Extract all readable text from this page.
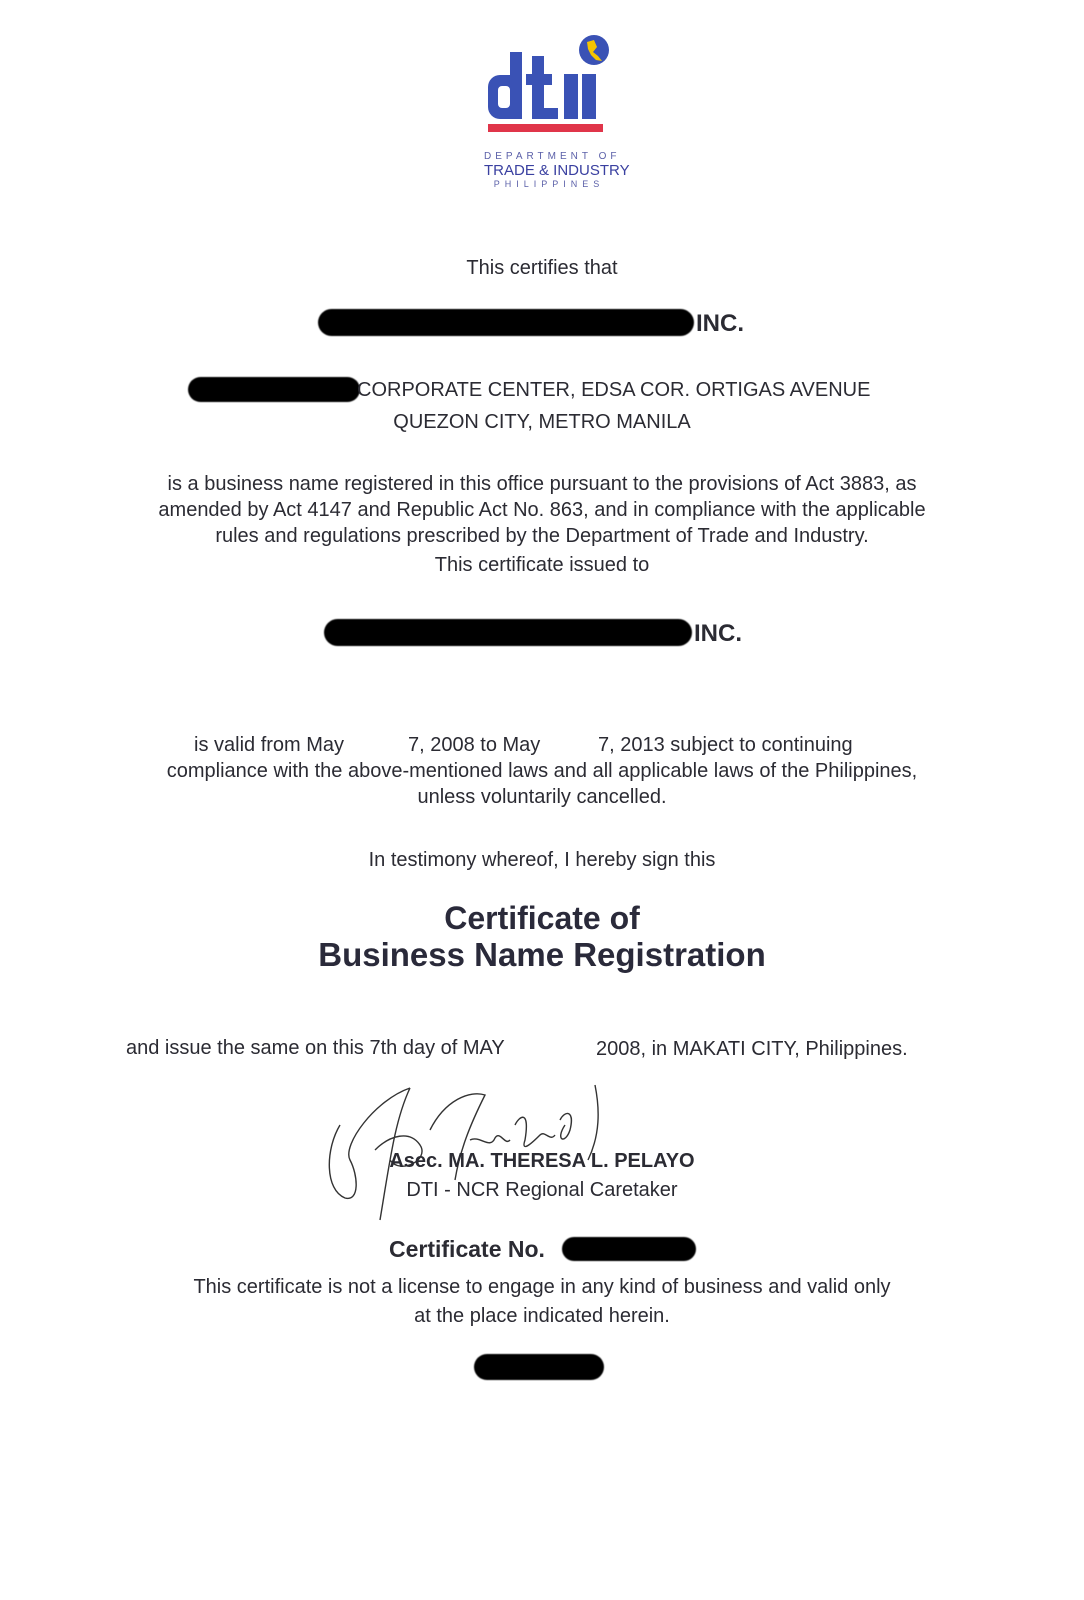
DEPARTMENT OF
TRADE & INDUSTRY
PHILIPPINES
This certifies that
INC.
CORPORATE CENTER, EDSA COR. ORTIGAS AVENUE
QUEZON CITY, METRO MANILA
is a business name registered in this office pursuant to the provisions of Act 3883, as
amended by Act 4147 and Republic Act No. 863, and in compliance with the applicable
rules and regulations prescribed by the Department of Trade and Industry.
This certificate issued to
INC.
is valid from May	7, 2008 to May	7, 2013 subject to continuing
compliance with the above-mentioned laws and all applicable laws of the Philippines,
unless voluntarily cancelled.
In testimony whereof, I hereby sign this
Certificate of
Business Name Registration
and issue the same on this 7th day of MAY	2008, in MAKATI CITY, Philippines.
Asec. MA. THERESA L. PELAYO
DTI - NCR Regional Caretaker
Certificate No.
This certificate is not a license to engage in any kind of business and valid only
at the place indicated herein.
